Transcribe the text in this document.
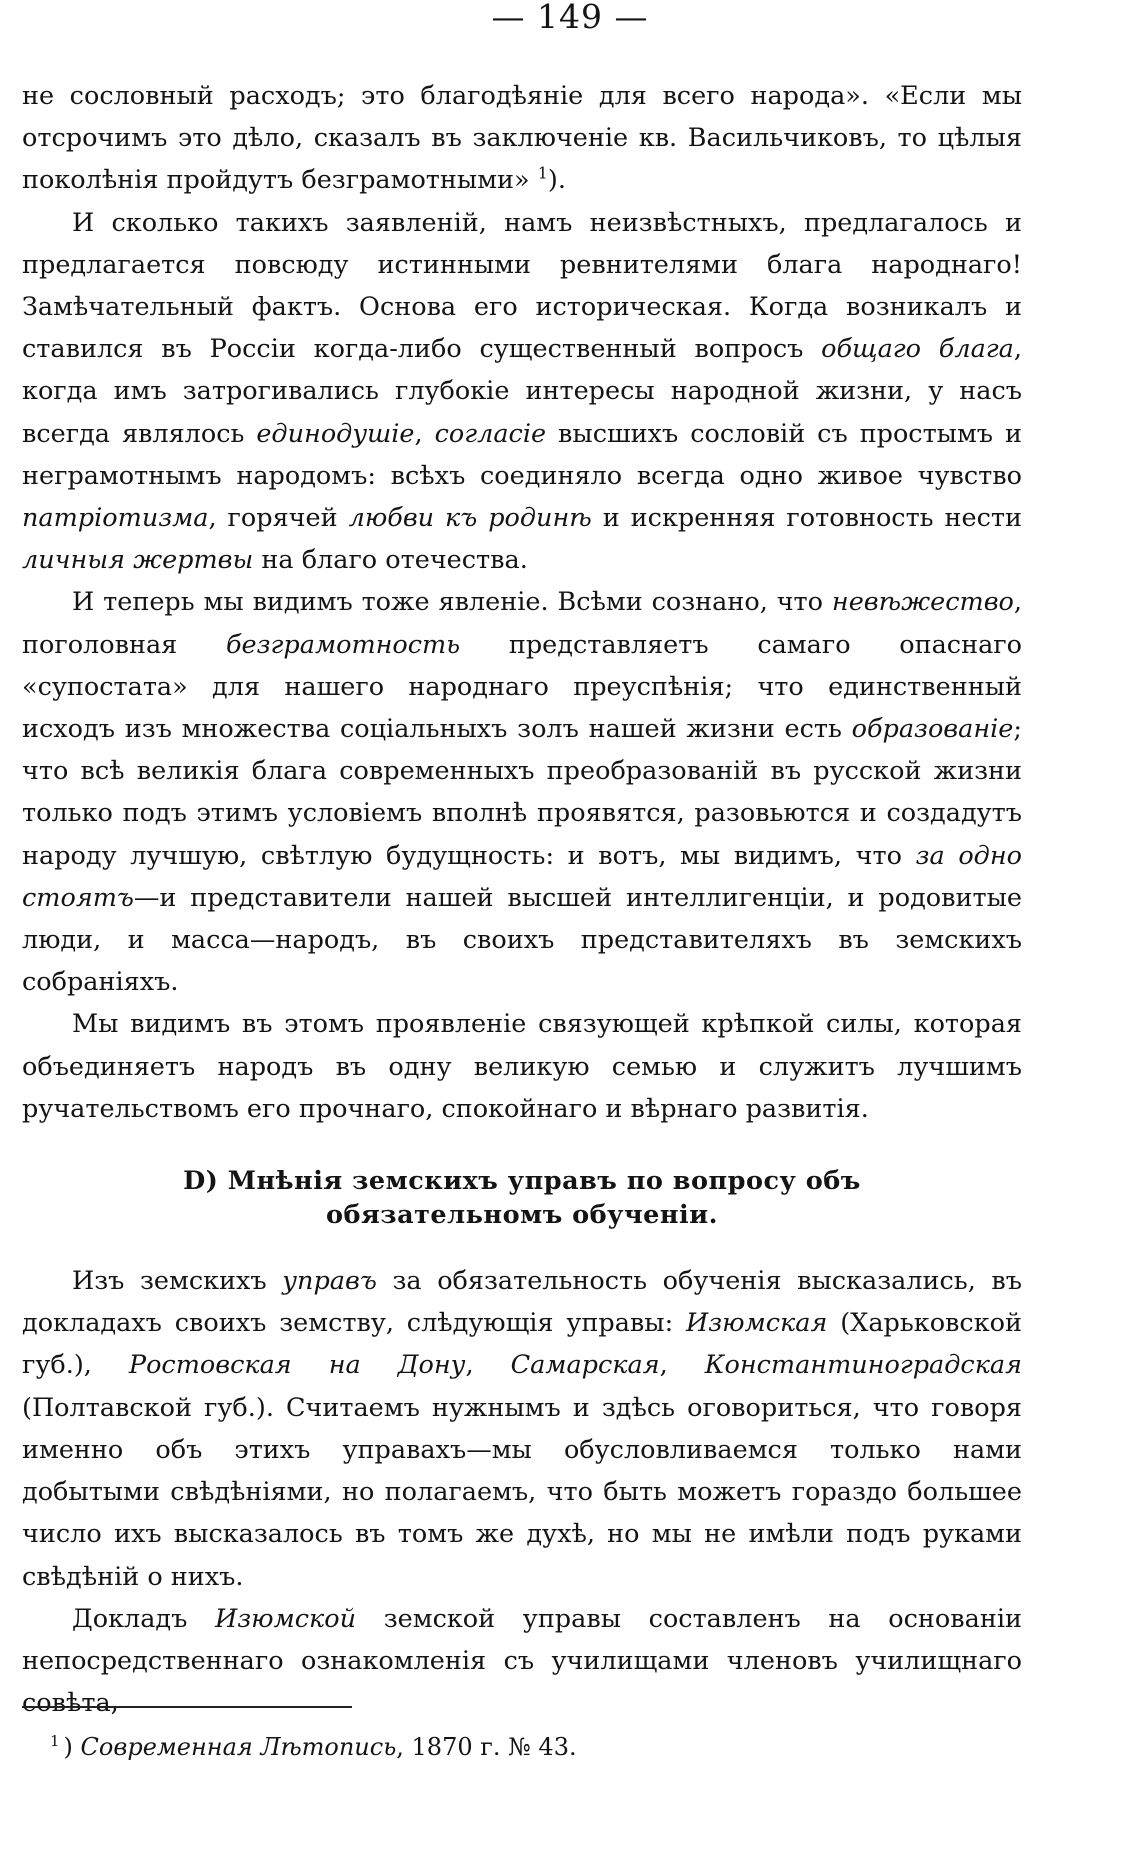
— 149 —

не сословный расходъ; это благодѣяніе для всего народа». «Если мы отсрочимъ это дѣло, сказалъ въ заключеніе кв. Васильчиковъ, то цѣлыя поколѣнія пройдутъ безграмотными» $^1$).

И сколько такихъ заявленій, намъ неизвѣстныхъ, предлагалось и предлагается повсюду истинными ревнителями блага народнаго! Замѣчательный фактъ. Основа его историческая. Когда возникалъ и ставился въ Россіи когда-либо существенный вопросъ общаго блага, когда имъ затрогивались глубокіе интересы народной жизни, у насъ всегда являлось единодушіе, согласіе высшихъ сословій съ простымъ и неграмотнымъ народомъ: всѣхъ соединяло всегда одно живое чувство патріотизма, горячей любви къ родинѣ и искренняя готовность нести личныя жертвы на благо отечества.

И теперь мы видимъ тоже явленіе. Всѣми сознано, что невѣжество, поголовная безграмотность представляетъ самаго опаснаго «супостата» для нашего народнаго преуспѣнія; что единственный исходъ изъ множества соціальныхъ золъ нашей жизни есть образованіе; что всѣ великія блага современныхъ преобразованій въ русской жизни только подъ этимъ условіемъ вполнѣ проявятся, разовьются и создадутъ народу лучшую, свѣтлую будущность: и вотъ, мы видимъ, что за одно стоятъ—и представители нашей высшей интеллигенціи, и родовитые люди, и масса—народъ, въ своихъ представителяхъ въ земскихъ собраніяхъ.

Мы видимъ въ этомъ проявленіе связующей крѣпкой силы, которая объединяетъ народъ въ одну великую семью и служитъ лучшимъ ручательствомъ его прочнаго, спокойнаго и вѣрнаго развитія.

D) Мнѣнія земскихъ управъ по вопросу объ обязательномъ обученіи.

Изъ земскихъ управъ за обязательность обученія высказались, въ докладахъ своихъ земству, слѣдующія управы: Изюмская (Харьковской губ.), Ростовская на Дону, Самарская, Константиноградская (Полтавской губ.). Считаемъ нужнымъ и здѣсь оговориться, что говоря именно объ этихъ управахъ—мы обусловливаемся только нами добытыми свѣдѣніями, но полагаемъ, что быть можетъ гораздо большее число ихъ высказалось въ томъ же духѣ, но мы не имѣли подъ руками свѣдѣній о нихъ.

Докладъ Изюмской земской управы составленъ на основаніи непосредственнаго ознакомленія съ училищами членовъ училищнаго совѣта,

$^1$ ) Современная Лѣтопись, 1870 г. № 43.
